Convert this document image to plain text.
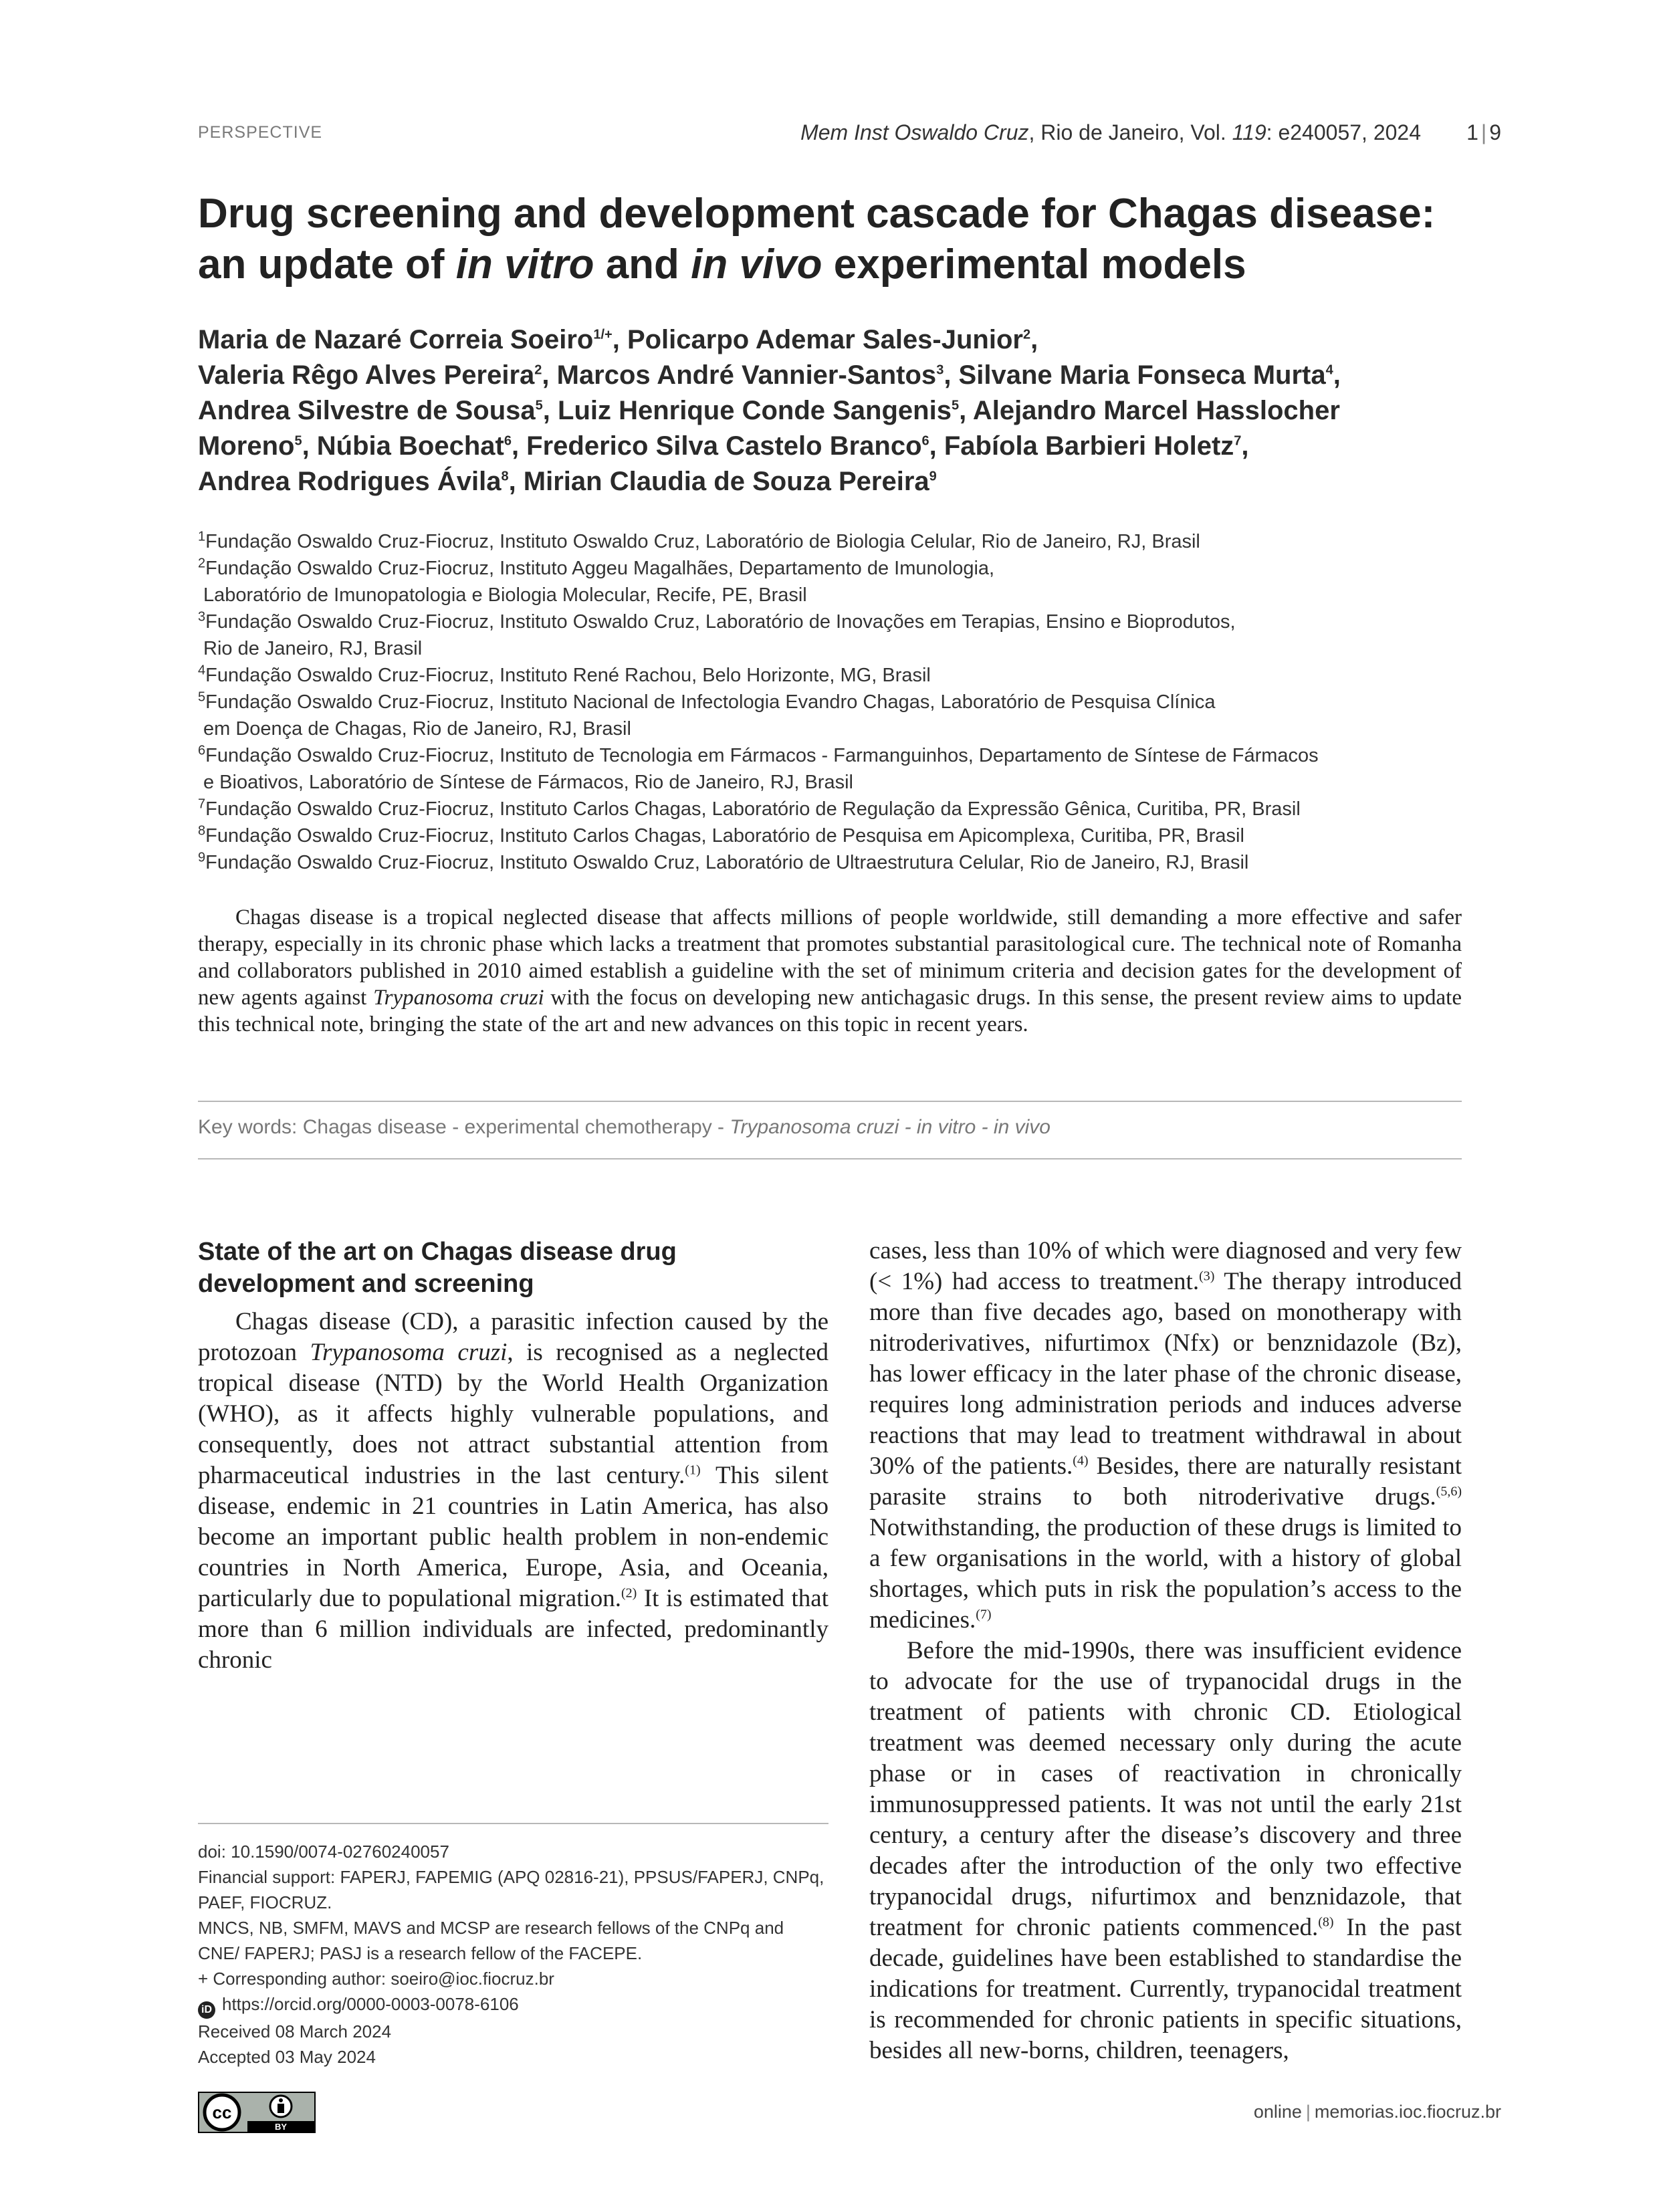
PERSPECTIVE	Mem Inst Oswaldo Cruz, Rio de Janeiro, Vol. 119: e240057, 2024 1 | 9
Drug screening and development cascade for Chagas disease:
an update of in vitro and in vivo experimental models

Maria de Nazaré Correia Soeiro$^{1/+}$, Policarpo Ademar Sales-Junior$^2$,

Valeria Rêgo Alves Pereira$^2$, Marcos André Vannier-Santos$^3$, Silvane Maria Fonseca Murta$^4$,

Andrea Silvestre de Sousa$^5$, Luiz Henrique Conde Sangenis$^5$, Alejandro Marcel Hasslocher

Moreno$^5$, Núbia Boechat$^6$, Frederico Silva Castelo Branco$^6$, Fabíola Barbieri Holetz$^7$,

Andrea Rodrigues Ávila$^8$, Mirian Claudia de Souza Pereira$^9$

$^1$Fundação Oswaldo Cruz-Fiocruz, Instituto Oswaldo Cruz, Laboratório de Biologia Celular, Rio de Janeiro, RJ, Brasil

$^2$Fundação Oswaldo Cruz-Fiocruz, Instituto Aggeu Magalhães, Departamento de Imunologia,

Laboratório de Imunopatologia e Biologia Molecular, Recife, PE, Brasil

$^3$Fundação Oswaldo Cruz-Fiocruz, Instituto Oswaldo Cruz, Laboratório de Inovações em Terapias, Ensino e Bioprodutos,

Rio de Janeiro, RJ, Brasil

$^4$Fundação Oswaldo Cruz-Fiocruz, Instituto René Rachou, Belo Horizonte, MG, Brasil

$^5$Fundação Oswaldo Cruz-Fiocruz, Instituto Nacional de Infectologia Evandro Chagas, Laboratório de Pesquisa Clínica

em Doença de Chagas, Rio de Janeiro, RJ, Brasil

$^6$Fundação Oswaldo Cruz-Fiocruz, Instituto de Tecnologia em Fármacos - Farmanguinhos, Departamento de Síntese de Fármacos

e Bioativos, Laboratório de Síntese de Fármacos, Rio de Janeiro, RJ, Brasil

$^7$Fundação Oswaldo Cruz-Fiocruz, Instituto Carlos Chagas, Laboratório de Regulação da Expressão Gênica, Curitiba, PR, Brasil

$^8$Fundação Oswaldo Cruz-Fiocruz, Instituto Carlos Chagas, Laboratório de Pesquisa em Apicomplexa, Curitiba, PR, Brasil

$^9$Fundação Oswaldo Cruz-Fiocruz, Instituto Oswaldo Cruz, Laboratório de Ultraestrutura Celular, Rio de Janeiro, RJ, Brasil

Chagas disease is a tropical neglected disease that affects millions of people worldwide, still demanding a more effective and safer therapy, especially in its chronic phase which lacks a treatment that promotes substantial parasitological cure. The technical note of Romanha and collaborators published in 2010 aimed establish a guideline with the set of minimum criteria and decision gates for the development of new agents against Trypanosoma cruzi with the focus on developing new antichagasic drugs. In this sense, the present review aims to update this technical note, bringing the state of the art and new advances on this topic in recent years.

Key words: Chagas disease - experimental chemotherapy - Trypanosoma cruzi - in vitro - in vivo
State of the art on Chagas disease drug development and screening

Chagas disease (CD), a parasitic infection caused by the protozoan Trypanosoma cruzi, is recognised as a neglected tropical disease (NTD) by the World Health Organization (WHO), as it affects highly vulnerable populations, and consequently, does not attract substantial attention from pharmaceutical industries in the last century.$^{(1)}$ This silent disease, endemic in 21 countries in Latin America, has also become an important public health problem in non-endemic countries in North America, Europe, Asia, and Oceania, particularly due to populational migration.$^{(2)}$ It is estimated that more than 6 million individuals are infected, predominantly chronic

cases, less than 10% of which were diagnosed and very few (< 1%) had access to treatment.$^{(3)}$ The therapy introduced more than five decades ago, based on monotherapy with nitroderivatives, nifurtimox (Nfx) or benznidazole (Bz), has lower efficacy in the later phase of the chronic disease, requires long administration periods and induces adverse reactions that may lead to treatment withdrawal in about 30% of the patients.$^{(4)}$ Besides, there are naturally resistant parasite strains to both nitroderivative drugs.$^{(5,6)}$ Notwithstanding, the production of these drugs is limited to a few organisations in the world, with a history of global shortages, which puts in risk the population’s access to the medicines.$^{(7)}$

Before the mid-1990s, there was insufficient evidence to advocate for the use of trypanocidal drugs in the treatment of patients with chronic CD. Etiological treatment was deemed necessary only during the acute phase or in cases of reactivation in chronically immunosuppressed patients. It was not until the early 21st century, a century after the disease’s discovery and three decades after the introduction of the only two effective trypanocidal drugs, nifurtimox and benznidazole, that treatment for chronic patients commenced.$^{(8)}$ In the past decade, guidelines have been established to standardise the indications for treatment. Currently, trypanocidal treatment is recommended for chronic patients in specific situations, besides all new-borns, children, teenagers,

doi: 10.1590/0074-02760240057

Financial support: FAPERJ, FAPEMIG (APQ 02816-21), PPSUS/FAPERJ, CNPq, PAEF, FIOCRUZ.

MNCS, NB, SMFM, MAVS and MCSP are research fellows of the CNPq and CNE/ FAPERJ; PASJ is a research fellow of the FACEPE.

+ Corresponding author: soeiro@ioc.fiocruz.br

iD https://orcid.org/0000-0003-0078-6106

Received 08 March 2024

Accepted 03 May 2024

BY
cc	online | memorias.ioc.fiocruz.br
